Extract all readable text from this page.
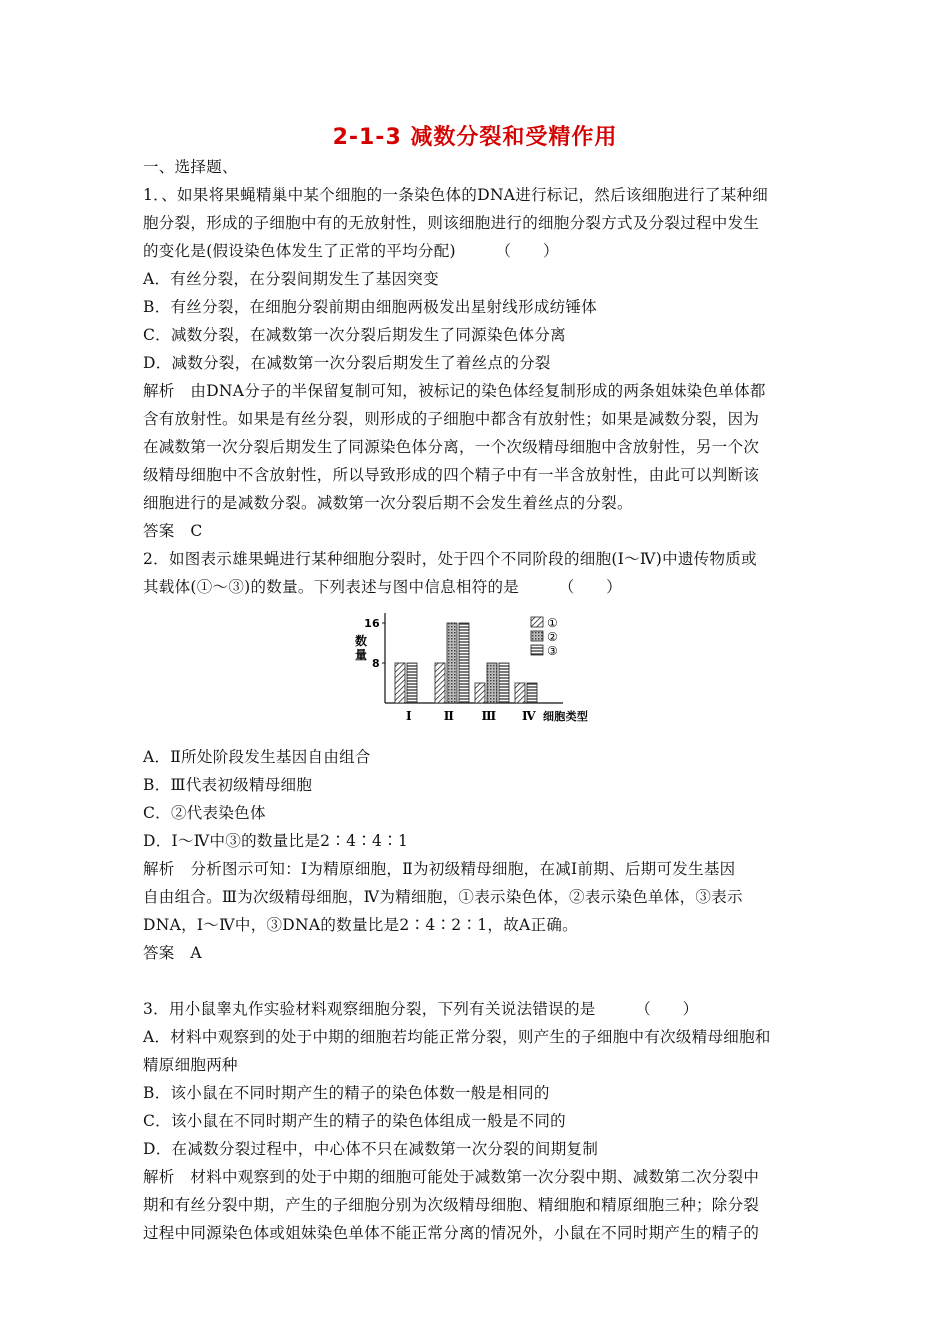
2-1-3 减数分裂和受精作用

一、选择题、

1．、如果将果蝇精巢中某个细胞的一条染色体的DNA进行标记，然后该细胞进行了某种细

胞分裂，形成的子细胞中有的无放射性，则该细胞进行的细胞分裂方式及分裂过程中发生

的变化是(假设染色体发生了正常的平均分配)　　　（　　）

A．有丝分裂，在分裂间期发生了基因突变

B．有丝分裂，在细胞分裂前期由细胞两极发出星射线形成纺锤体

C．减数分裂，在减数第一次分裂后期发生了同源染色体分离

D．减数分裂，在减数第一次分裂后期发生了着丝点的分裂

解析　由DNA分子的半保留复制可知，被标记的染色体经复制形成的两条姐妹染色单体都

含有放射性。如果是有丝分裂，则形成的子细胞中都含有放射性；如果是减数分裂，因为

在减数第一次分裂后期发生了同源染色体分离，一个次级精母细胞中含放射性，另一个次

级精母细胞中不含放射性，所以导致形成的四个精子中有一半含放射性，由此可以判断该

细胞进行的是减数分裂。减数第一次分裂后期不会发生着丝点的分裂。

答案　C

2．如图表示雄果蝇进行某种细胞分裂时，处于四个不同阶段的细胞(Ⅰ～Ⅳ)中遗传物质或

其载体(①～③)的数量。下列表述与图中信息相符的是　　　（　　）

①
②
③
8
16
数
量
Ⅰ	Ⅱ Ⅲ Ⅳ 细胞类型

A．Ⅱ所处阶段发生基因自由组合

B．Ⅲ代表初级精母细胞

C．②代表染色体

D．Ⅰ～Ⅳ中③的数量比是2∶4∶4∶1

解析　分析图示可知：Ⅰ为精原细胞，Ⅱ为初级精母细胞，在减Ⅰ前期、后期可发生基因

自由组合。Ⅲ为次级精母细胞，Ⅳ为精细胞，①表示染色体，②表示染色单体，③表示

DNA，Ⅰ～Ⅳ中，③DNA的数量比是2∶4∶2∶1，故A正确。

答案　A

3．用小鼠睾丸作实验材料观察细胞分裂，下列有关说法错误的是　　　（　　）

A．材料中观察到的处于中期的细胞若均能正常分裂，则产生的子细胞中有次级精母细胞和

精原细胞两种

B．该小鼠在不同时期产生的精子的染色体数一般是相同的

C．该小鼠在不同时期产生的精子的染色体组成一般是不同的

D．在减数分裂过程中，中心体不只在减数第一次分裂的间期复制

解析　材料中观察到的处于中期的细胞可能处于减数第一次分裂中期、减数第二次分裂中

期和有丝分裂中期，产生的子细胞分别为次级精母细胞、精细胞和精原细胞三种；除分裂

过程中同源染色体或姐妹染色单体不能正常分离的情况外，小鼠在不同时期产生的精子的
